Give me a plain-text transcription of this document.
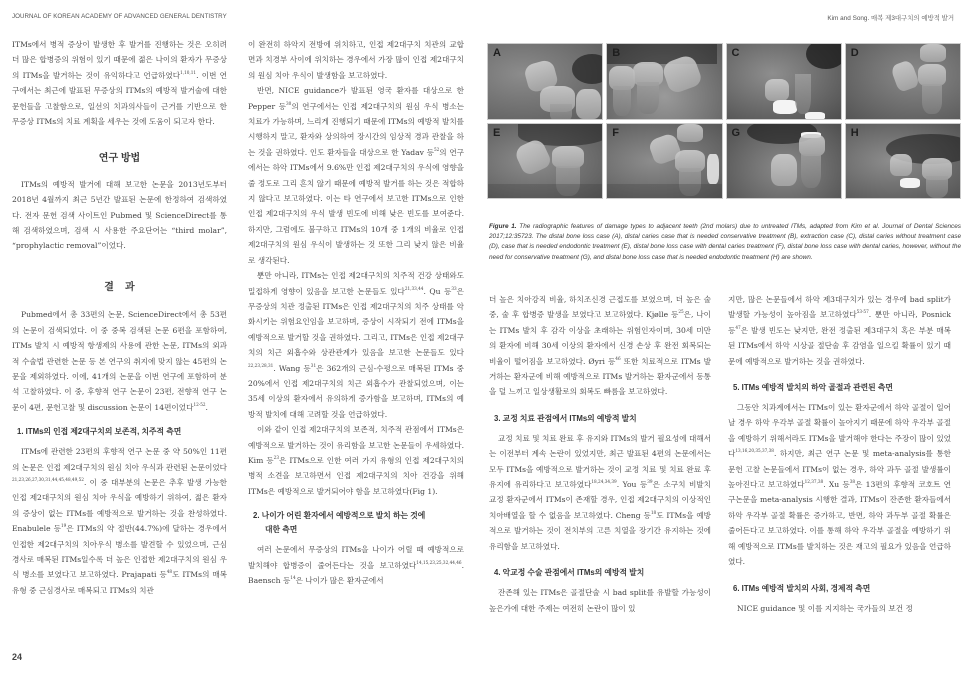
JOURNAL OF KOREAN ACADEMY OF ADVANCED GENERAL DENTISTRY

ITMs에서 병적 증상이 발생한 후 발거를 진행하는 것은 오히려 더 많은 합병증의 위험이 있기 때문에 젊은 나이의 환자가 무증상의 ITMs을 발거하는 것이 유익하다고 언급하였다$^{1,10,11}$. 이번 연구에서는 최근에 발표된 무증상의 ITMs의 예방적 발거술에 대한 문헌들을 고찰함으로, 일선의 치과의사들이 근거를 기반으로 한 무증상 ITMs의 치료 계획을 세우는 것에 도움이 되고자 한다.

연구 방법

ITMs의 예방적 발거에 대해 보고한 논문을 2013년도부터 2018년 4월까지 최근 5년간 발표된 논문에 한정하여 검색하였다. 전자 문헌 검색 사이트인 Pubmed 및 ScienceDirect를 통해 검색하였으며, 검색 시 사용한 주요단어는 “third molar”, “prophylactic removal”이었다.

결    과

Pubmed에서 총 33편의 논문, ScienceDirect에서 총 53편의 논문이 검색되었다. 이 중 중복 검색된 논문 6편을 포함하여, ITMs 발치 시 예방적 항생제의 사용에 관한 논문, ITMs의 외과적 수술법 관련한 논문 등 본 연구의 취지에 맞지 않는 45편의 논문을 제외하였다. 이에, 41개의 논문을 이번 연구에 포함하여 분석 고찰하였다. 이 중, 후향적 연구 논문이 23편, 전향적 연구 논문이 4편, 문헌고찰 및 discussion 논문이 14편이었다$^{12-52}$.

1. ITMs의 인접 제2대구치의 보존적, 치주적 측면

ITMs에 관련한 23편의 후향적 연구 논문 중 약 50%인 11편의 논문은 인접 제2대구치의 원심 치아 우식과 관련된 논문이었다$^{21,23,26,27,30,31,44,45,48,49,52}$. 이 중 대부분의 논문은 추후 발생 가능한 인접 제2대구치의 원심 치아 우식을 예방하기 위하여, 젊은 환자의 증상이 없는 ITMs를 예방적으로 발거하는 것을 찬성하였다. Enabulele 등$^{19}$은 ITMs의 약 절반(44.7%)에 달하는 경우에서 인접한 제2대구치의 치아우식 병소를 발견할 수 있었으며, 근심 경사로 매복된 ITMs일수록 더 높은 인접한 제2대구치의 원심 우식 병소를 보였다고 보고하였다. Prajapati 등$^{48}$도 ITMs의 매복유형 중 근심경사로 매복되고 ITMs의 치관

이 완전히 하악지 전방에 위치하고, 인접 제2대구치 치관의 교합면과 치경부 사이에 위치하는 경우에서 가장 많이 인접 제2대구치의 원심 치아 우식이 발생함을 보고하였다.

반면, NICE guidance가 발표된 영국 환자를 대상으로 한 Pepper 등$^{30}$의 연구에서는 인접 제2대구치의 원심 우식 병소는 치료가 가능하며, 느리게 진행되기 때문에 ITMs의 예방적 발치를 시행하지 말고, 환자와 상의하여 장시간의 임상적 경과 관찰을 하는 것을 권하였다. 인도 환자들을 대상으로 한 Yadav 등$^{52}$의 연구에서는 하악 ITMs에서 9.6%만 인접 제2대구치의 우식에 영향을 줄 정도로 그리 흔치 않기 때문에 예방적 발거를 하는 것은 적합하지 않다고 보고하였다. 이는 타 연구에서 보고한 ITMs으로 인한 인접 제2대구치의 우식 발생 빈도에 비해 낮은 빈도를 보여준다. 하지만, 그럼에도 불구하고 ITMs의 10개 중 1개의 비율로 인접 제2대구치의 원심 우식이 발생하는 것 또한 그리 낮지 않은 비율로 생각된다.

뿐만 아니라, ITMs는 인접 제2대구치의 치주적 건강 상태와도 밀접하게 영향이 있음을 보고한 논문들도 있다$^{21,33,44}$. Qu 등$^{33}$은 무증상의 치관 정출된 ITMs은 인접 제2대구치의 치주 상태를 악화시키는 위험요인임을 보고하며, 증상이 시작되기 전에 ITMs을 예방적으로 발거할 것을 권하였다. 그리고, ITMs은 인접 제2대구치의 치근 외흡수와 상관관계가 있음을 보고한 논문들도 있다$^{22,23,28,31}$. Wang 등$^{31}$은 362개의 근심-수평으로 매복된 ITMs 중 20%에서 인접 제2대구치의 치근 외흡수가 관찰되었으며, 이는 35세 이상의 환자에서 유의하게 증가함을 보고하며, ITMs의 예방적 발치에 대해 고려할 것을 언급하였다.

이와 같이 인접 제2대구치의 보존적, 치주적 관점에서 ITMs은 예방적으로 발거하는 것이 유리함을 보고한 논문들이 우세하였다. Kim 등$^{23}$은 ITMs으로 인한 여러 가지 유형의 인접 제2대구치의 병적 소견을 보고하면서 인접 제2대구치의 치아 건강을 위해 ITMs은 예방적으로 발거되어야 함을 보고하였다(Fig 1).

2. 나이가 어린 환자에서 예방적으로 발치 하는 것에
대한 측면

여러 논문에서 무증상의 ITMs을 나이가 어릴 때 예방적으로 발치해야 합병증이 줄어든다는 것을 보고하였다$^{14,15,23,25,32,44,46}$. Baensch 등$^{14}$은 나이가 많은 환자군에서

24
Kim and Song. 매복 제3대구치의 예방적 발거
A	B	C	D
E	F	G	H
Figure 1. The radiographic features of damage types to adjacent teeth (2nd molars) due to untreated ITMs, adapted from Kim et al. Journal of Dental Sciences 2017;12:35723. The distal bone loss case (A), distal caries case that is needed conservative treatment (B), extraction case (C), distal caries without treatment case (D), case that is needed endodontic treatment (E), distal bone loss case with dental caries treatment (F), distal bone loss case with dental caries, however, without the need for conservative treatment (G), and distal bone loss case that is needed endodontic treatment (H) are shown.

더 높은 치아강직 비율, 하치조신경 근접도를 보였으며, 더 높은 술 중, 술 후 합병증 발생을 보였다고 보고하였다. Kjølle 등$^{25}$은, 나이는 ITMs 발치 후 감각 이상을 초래하는 위험인자이며, 30세 미만의 환자에 비해 30세 이상의 환자에서 신경 손상 후 완전 회복되는 비율이 떨어짐을 보고하였다. Øyri 등$^{46}$ 또한 치료적으로 ITMs 발거하는 환자군에 비해 예방적으로 ITMs 발거하는 환자군에서 동통을 덜 느끼고 일상생활로의 회복도 빠름을 보고하였다.

3. 교정 치료 관점에서 ITMs의 예방적 발치

교정 치료 및 치료 완료 후 유지와 ITMs의 발거 필요성에 대해서는 이전부터 계속 논란이 있었지만, 최근 발표된 4편의 논문에서는 모두 ITMs을 예방적으로 발거하는 것이 교정 치료 및 치료 완료 후 유지에 유리하다고 보고하였다$^{18,24,34,39}$. You 등$^{39}$은 소구치 비발치 교정 환자군에서 ITMs이 존재할 경우, 인접 제2대구치의 이상적인 치아배열을 할 수 없음을 보고하였다. Cheng 등$^{18}$도 ITMs을 예방적으로 발거하는 것이 전치부의 고른 치열을 장기간 유지하는 것에 유리함을 보고하였다.

4. 악교정 수술 관점에서 ITMs의 예방적 발치

잔존해 있는 ITMs은 골절단술 시 bad split를 유발할 가능성이 높은가에 대한 주제는 여전히 논란이 많이 있

지만, 많은 논문들에서 하악 제3대구치가 있는 경우에 bad split가 발생할 가능성이 높아짐을 보고하였다$^{53-57}$. 뿐만 아니라, Posnick 등$^{47}$은 발생 빈도는 낮지만, 완전 정출된 제3대구치 혹은 부분 매복된 ITMs에서 하악 시상골 절단술 후 감염을 일으킬 확률이 있기 때문에 예방적으로 발거하는 것을 권하였다.

5. ITMs 예방적 발치의 하악 골절과 관련된 측면

그동안 치과계에서는 ITMs이 있는 환자군에서 하악 골절이 일어날 경우 하악 우각부 골절 확률이 높아지기 때문에 하악 우각부 골절을 예방하기 위해서라도 ITMs을 발거해야 한다는 주장이 많이 있었다$^{13,16,20,35,37,38}$. 하지만, 최근 연구 논문 및 meta-analysis를 통한 문헌 고찰 논문들에서 ITMs이 없는 경우, 하악 과두 골절 발생률이 높아진다고 보고하였다$^{12,37,38}$. Xu 등$^{38}$은 13편의 후향적 코호트 연구논문을 meta-analysis 시행한 결과, ITMs이 잔존한 환자들에서 하악 우각부 골절 확률은 증가하고, 반면, 하악 과두부 골절 확률은 줄어든다고 보고하였다. 이를 통해 하악 우각부 골절을 예방하기 위해 예방적으로 ITMs를 발치하는 것은 재고의 필요가 있음을 언급하였다.

6. ITMs 예방적 발치의 사회, 경제적 측면

NICE guidance 및 이를 지지하는 국가들의 보건 정
